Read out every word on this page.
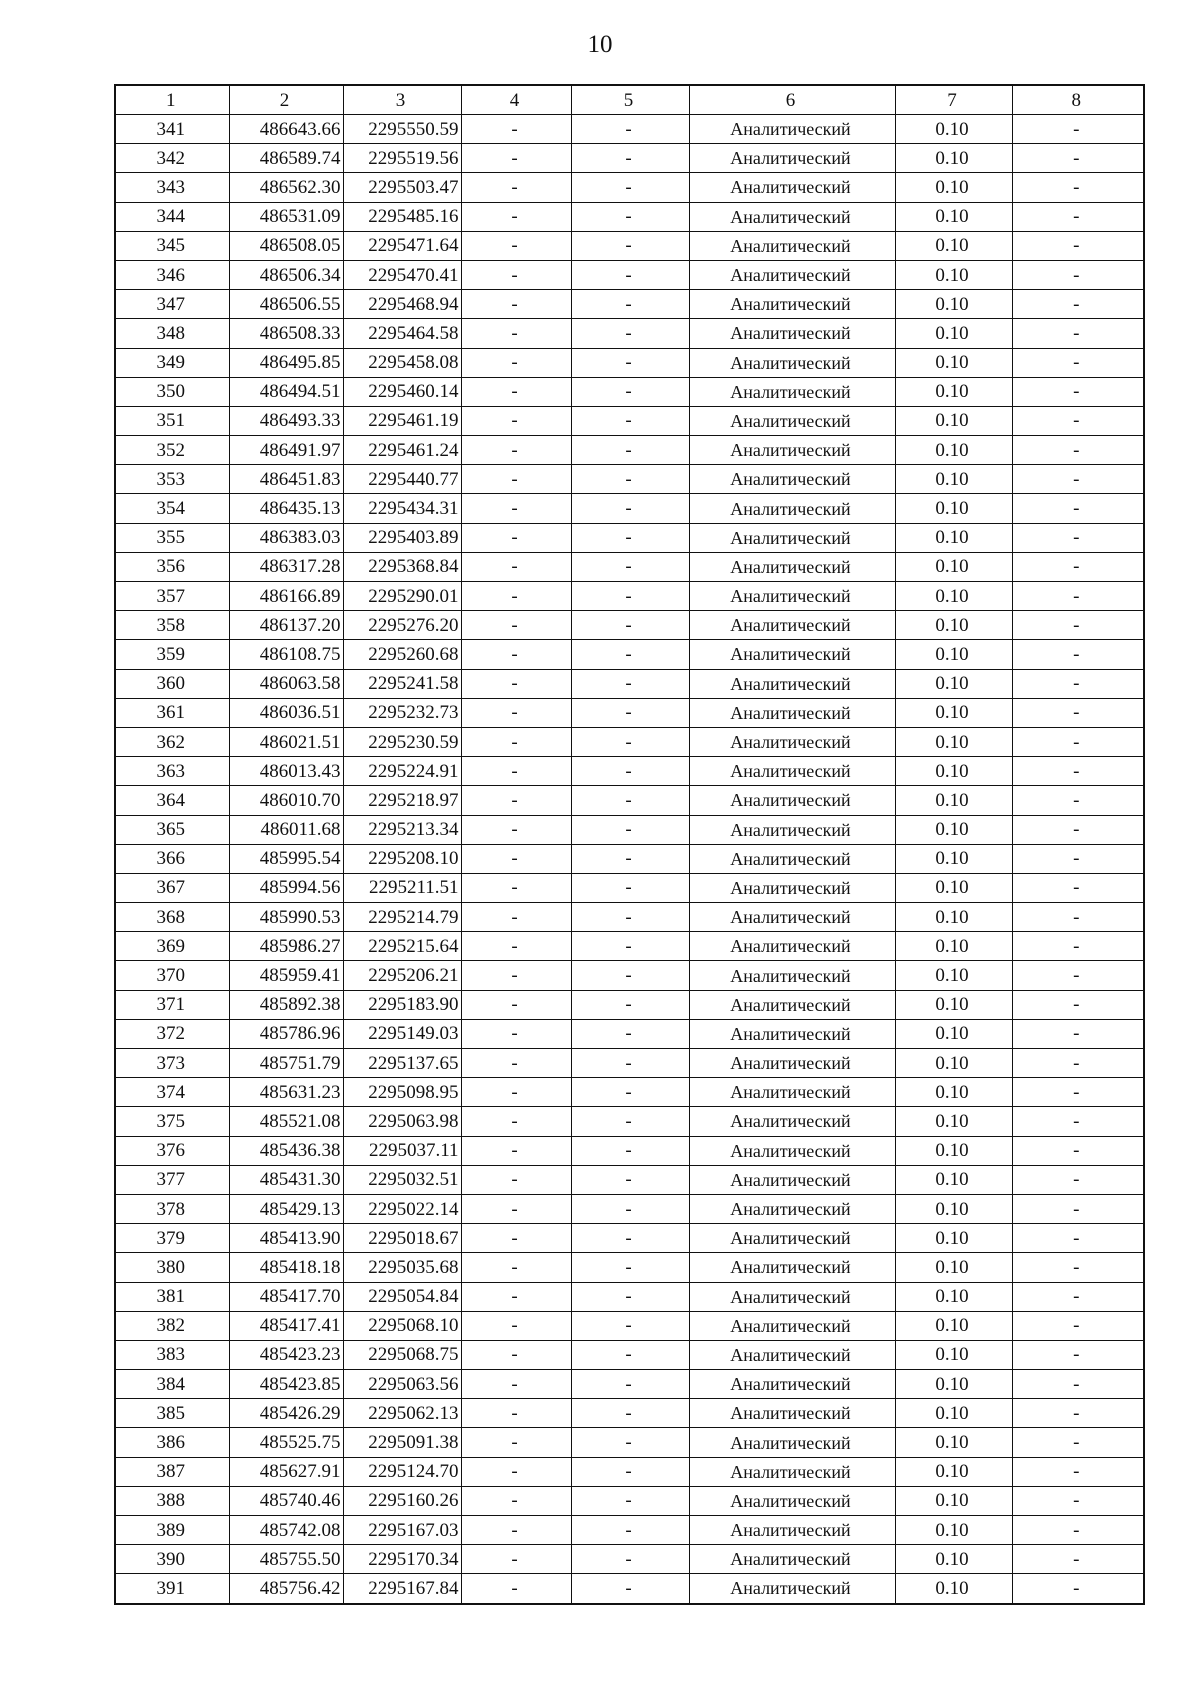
10
1	2	3	4	5	6	7	8
341	486643.66	2295550.59	-	-	Аналитический	0.10	-
342	486589.74	2295519.56	-	-	Аналитический	0.10	-
343	486562.30	2295503.47	-	-	Аналитический	0.10	-
344	486531.09	2295485.16	-	-	Аналитический	0.10	-
345	486508.05	2295471.64	-	-	Аналитический	0.10	-
346	486506.34	2295470.41	-	-	Аналитический	0.10	-
347	486506.55	2295468.94	-	-	Аналитический	0.10	-
348	486508.33	2295464.58	-	-	Аналитический	0.10	-
349	486495.85	2295458.08	-	-	Аналитический	0.10	-
350	486494.51	2295460.14	-	-	Аналитический	0.10	-
351	486493.33	2295461.19	-	-	Аналитический	0.10	-
352	486491.97	2295461.24	-	-	Аналитический	0.10	-
353	486451.83	2295440.77	-	-	Аналитический	0.10	-
354	486435.13	2295434.31	-	-	Аналитический	0.10	-
355	486383.03	2295403.89	-	-	Аналитический	0.10	-
356	486317.28	2295368.84	-	-	Аналитический	0.10	-
357	486166.89	2295290.01	-	-	Аналитический	0.10	-
358	486137.20	2295276.20	-	-	Аналитический	0.10	-
359	486108.75	2295260.68	-	-	Аналитический	0.10	-
360	486063.58	2295241.58	-	-	Аналитический	0.10	-
361	486036.51	2295232.73	-	-	Аналитический	0.10	-
362	486021.51	2295230.59	-	-	Аналитический	0.10	-
363	486013.43	2295224.91	-	-	Аналитический	0.10	-
364	486010.70	2295218.97	-	-	Аналитический	0.10	-
365	486011.68	2295213.34	-	-	Аналитический	0.10	-
366	485995.54	2295208.10	-	-	Аналитический	0.10	-
367	485994.56	2295211.51	-	-	Аналитический	0.10	-
368	485990.53	2295214.79	-	-	Аналитический	0.10	-
369	485986.27	2295215.64	-	-	Аналитический	0.10	-
370	485959.41	2295206.21	-	-	Аналитический	0.10	-
371	485892.38	2295183.90	-	-	Аналитический	0.10	-
372	485786.96	2295149.03	-	-	Аналитический	0.10	-
373	485751.79	2295137.65	-	-	Аналитический	0.10	-
374	485631.23	2295098.95	-	-	Аналитический	0.10	-
375	485521.08	2295063.98	-	-	Аналитический	0.10	-
376	485436.38	2295037.11	-	-	Аналитический	0.10	-
377	485431.30	2295032.51	-	-	Аналитический	0.10	-
378	485429.13	2295022.14	-	-	Аналитический	0.10	-
379	485413.90	2295018.67	-	-	Аналитический	0.10	-
380	485418.18	2295035.68	-	-	Аналитический	0.10	-
381	485417.70	2295054.84	-	-	Аналитический	0.10	-
382	485417.41	2295068.10	-	-	Аналитический	0.10	-
383	485423.23	2295068.75	-	-	Аналитический	0.10	-
384	485423.85	2295063.56	-	-	Аналитический	0.10	-
385	485426.29	2295062.13	-	-	Аналитический	0.10	-
386	485525.75	2295091.38	-	-	Аналитический	0.10	-
387	485627.91	2295124.70	-	-	Аналитический	0.10	-
388	485740.46	2295160.26	-	-	Аналитический	0.10	-
389	485742.08	2295167.03	-	-	Аналитический	0.10	-
390	485755.50	2295170.34	-	-	Аналитический	0.10	-
391	485756.42	2295167.84	-	-	Аналитический	0.10	-
